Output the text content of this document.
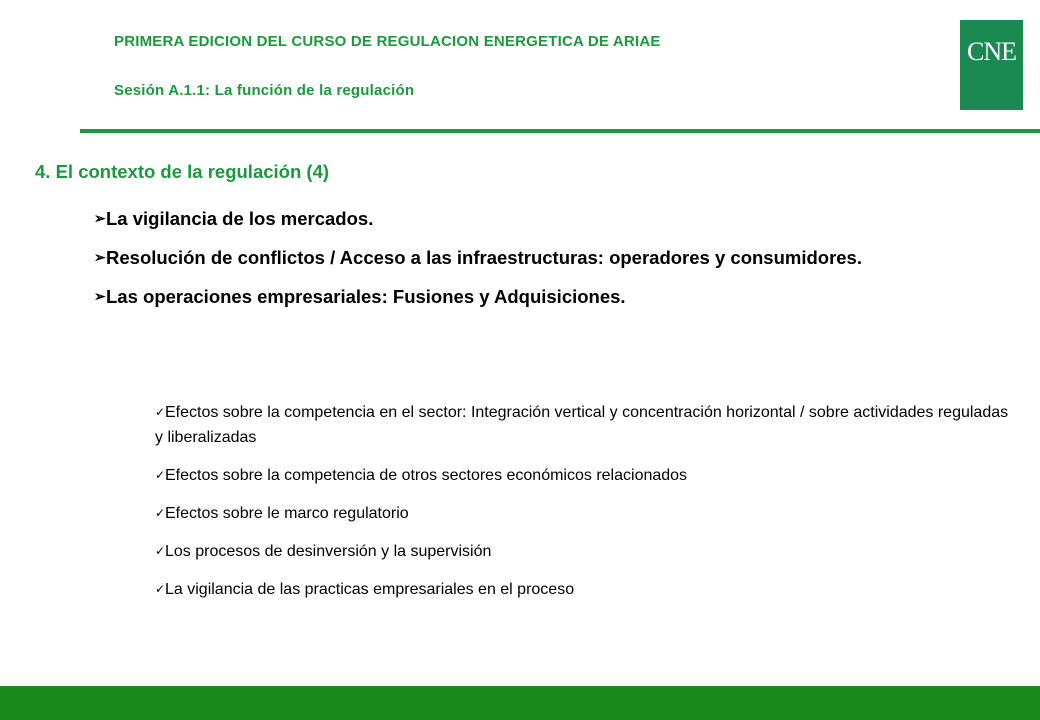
PRIMERA EDICION DEL CURSO DE REGULACION ENERGETICA DE ARIAE
Sesión A.1.1: La función de la regulación
CNE
4. El contexto de la regulación (4)
➢La vigilancia de los mercados.
➢Resolución de conflictos / Acceso a las infraestructuras: operadores y consumidores.
➢Las operaciones empresariales: Fusiones y Adquisiciones.
✓Efectos sobre la competencia en el sector: Integración vertical y concentración horizontal / sobre actividades reguladas y liberalizadas
✓Efectos sobre la competencia de otros sectores económicos relacionados
✓Efectos sobre le marco regulatorio
✓Los procesos de desinversión y la supervisión
✓La vigilancia de las practicas empresariales en el proceso
